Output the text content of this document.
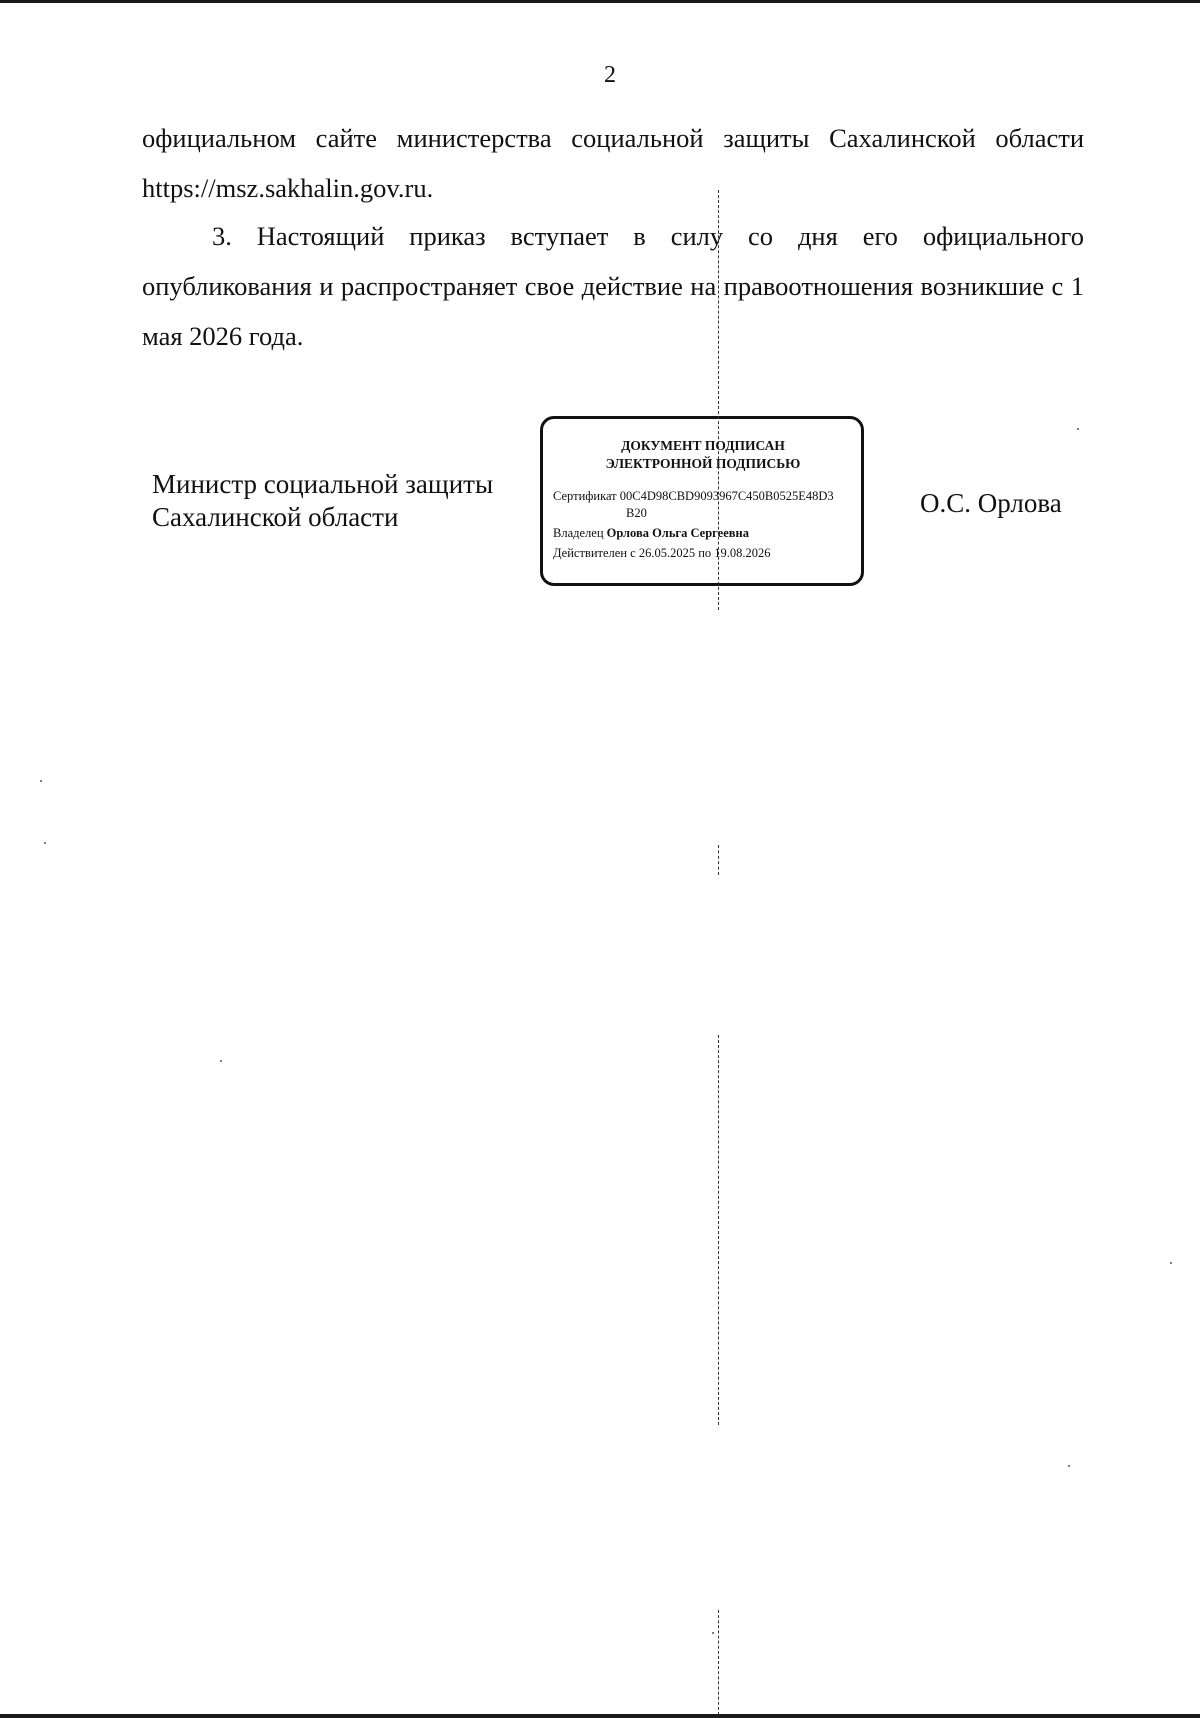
2

официальном сайте министерства социальной защиты Сахалинской области https://msz.sakhalin.gov.ru.

3. Настоящий приказ вступает в силу со дня его официального опубликования и распространяет свое действие на правоотношения возникшие с 1 мая 2026 года.

Министр социальной защиты
Сахалинской области
ДОКУМЕНТ ПОДПИСАН
ЭЛЕКТРОННОЙ ПОДПИСЬЮ
Сертификат 00C4D98CBD9093967C450B0525E48D3
B20
Владелец Орлова Ольга Сергеевна
Действителен с 26.05.2025 по 19.08.2026
О.С. Орлова
